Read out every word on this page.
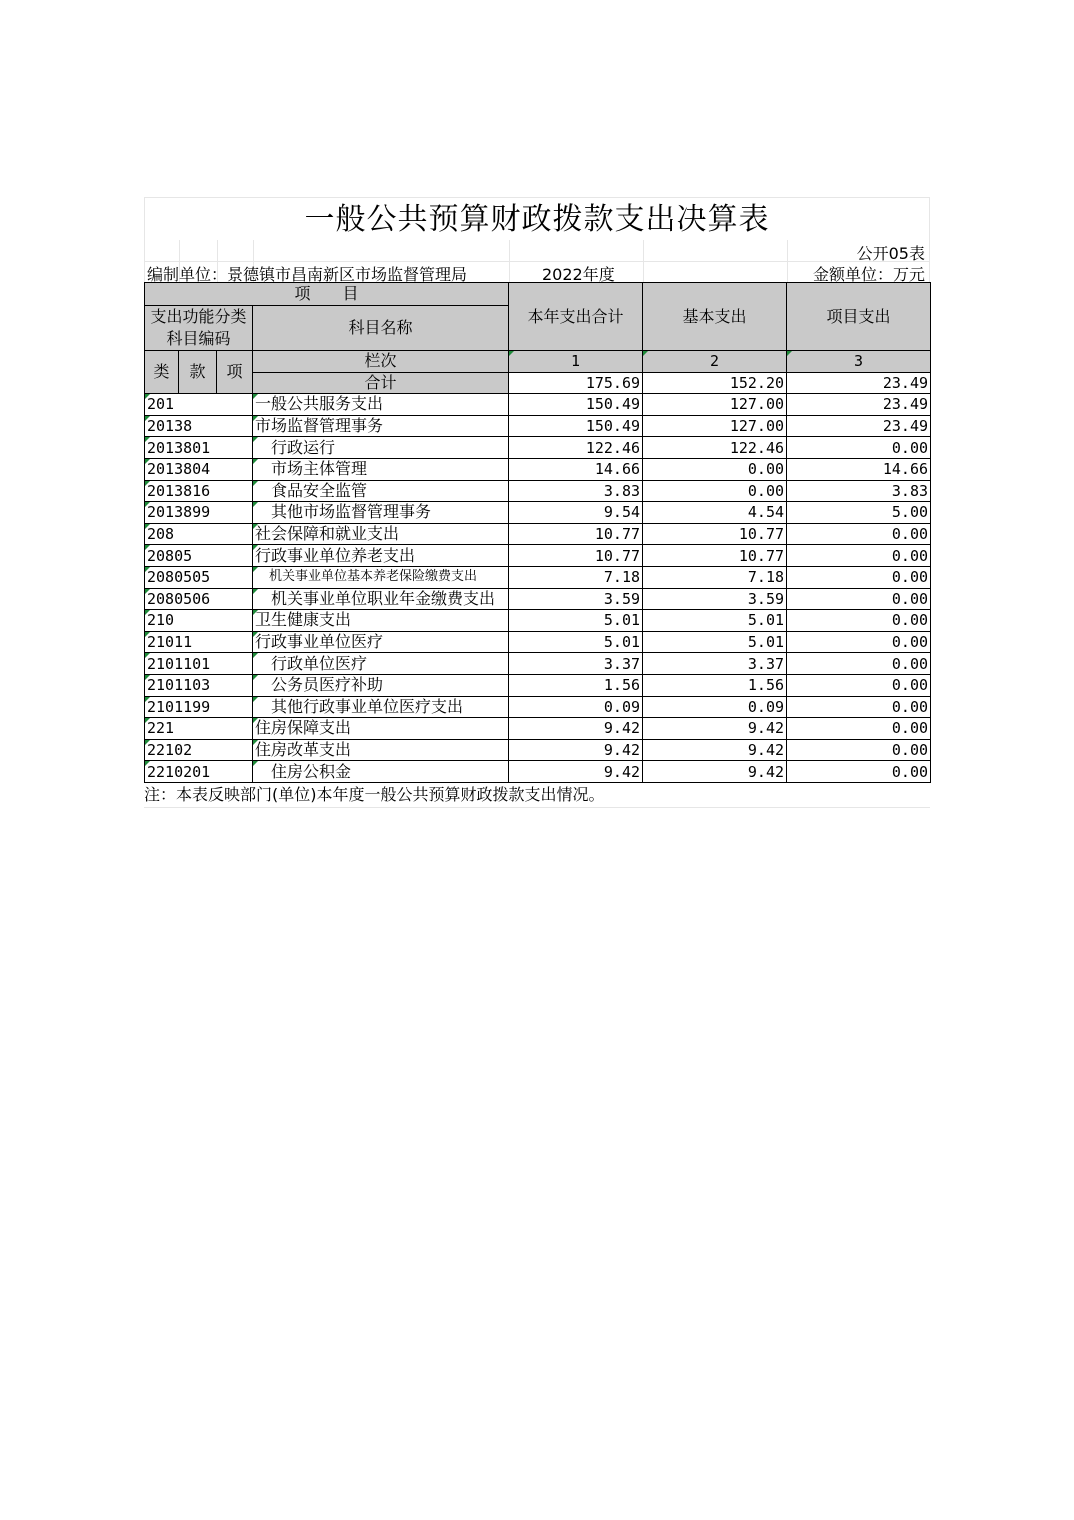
一般公共预算财政拨款支出决算表
公开05表
编制单位：景德镇市昌南新区市场监督管理局	2022年度	金额单位：万元
项　　目				本年支出合计	基本支出	项目支出	

支出功能分类
科目编码			科目名称				

类	款	项	栏次	1	2	3	
			合计	175.69	152.20	23.49	

201			一般公共服务支出	150.49	127.00	23.49	

20138			市场监督管理事务	150.49	127.00	23.49	

2013801			行政运行	122.46	122.46	0.00	

2013804			市场主体管理	14.66	0.00	14.66	

2013816			食品安全监管	3.83	0.00	3.83	

2013899			其他市场监督管理事务	9.54	4.54	5.00	

208			社会保障和就业支出	10.77	10.77	0.00	

20805			行政事业单位养老支出	10.77	10.77	0.00	

2080505			机关事业单位基本养老保险缴费支出	7.18	7.18	0.00	

2080506			机关事业单位职业年金缴费支出	3.59	3.59	0.00	

210			卫生健康支出	5.01	5.01	0.00	

21011			行政事业单位医疗	5.01	5.01	0.00	

2101101			行政单位医疗	3.37	3.37	0.00	

2101103			公务员医疗补助	1.56	1.56	0.00	

2101199			其他行政事业单位医疗支出	0.09	0.09	0.00	

221			住房保障支出	9.42	9.42	0.00	

22102			住房改革支出	9.42	9.42	0.00	

2210201			住房公积金	9.42	9.42	0.00	
注：本表反映部门(单位)本年度一般公共预算财政拨款支出情况。
